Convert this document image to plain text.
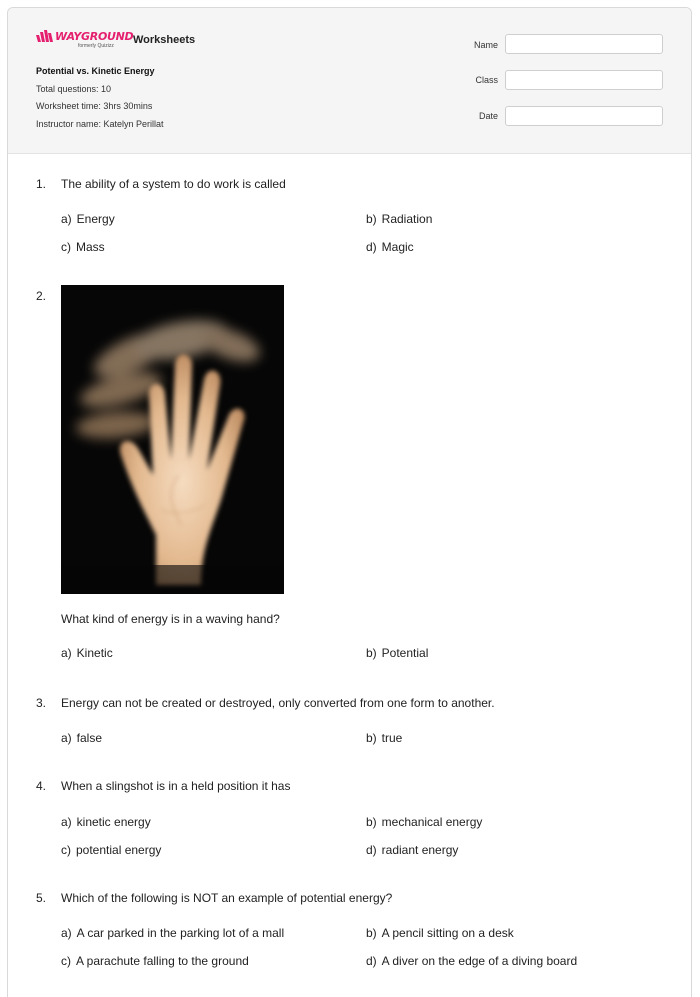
WAYGROUND
formerly Quizizz Worksheets
Potential vs. Kinetic Energy
Total questions: 10
Worksheet time: 3hrs 30mins
Instructor name: Katelyn Perillat
Name
Class
Date
1. The ability of a system to do work is called
a) Energy	b) Radiation
c) Mass	d) Magic
2.
What kind of energy is in a waving hand?
a) Kinetic	b) Potential
3. Energy can not be created or destroyed, only converted from one form to another.
a) false	b) true
4. When a slingshot is in a held position it has
a) kinetic energy	b) mechanical energy
c) potential energy	d) radiant energy
5. Which of the following is NOT an example of potential energy?
a) A car parked in the parking lot of a mall	b) A pencil sitting on a desk
c) A parachute falling to the ground	d) A diver on the edge of a diving board
